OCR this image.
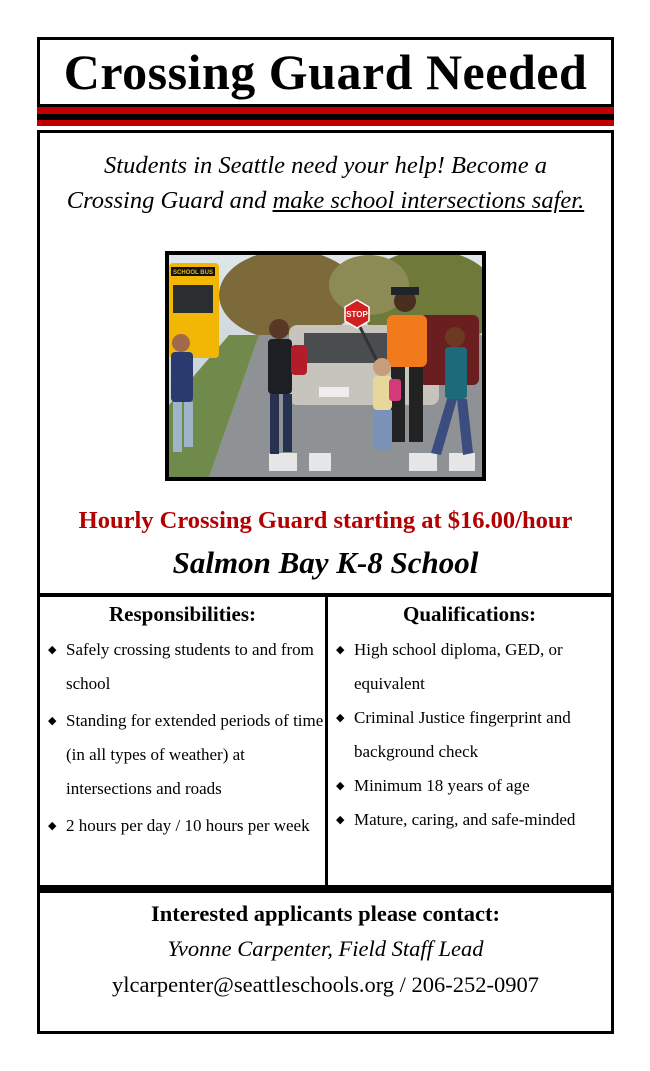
Crossing Guard Needed
Students in Seattle need your help! Become a
Crossing Guard and make school intersections safer.
SCHOOL BUS
STOP
Hourly Crossing Guard starting at $16.00/hour
Salmon Bay K-8 School
Responsibilities:
◆ Safely crossing students to and from school
◆ Standing for extended periods of time (in all types of weather) at intersections and roads
◆ 2 hours per day / 10 hours per week
Qualifications:
◆ High school diploma, GED, or equivalent
◆ Criminal Justice fingerprint and background check
◆ Minimum 18 years of age
◆ Mature, caring, and safe-minded
Interested applicants please contact:
Yvonne Carpenter, Field Staff Lead
ylcarpenter@seattleschools.org / 206-252-0907
